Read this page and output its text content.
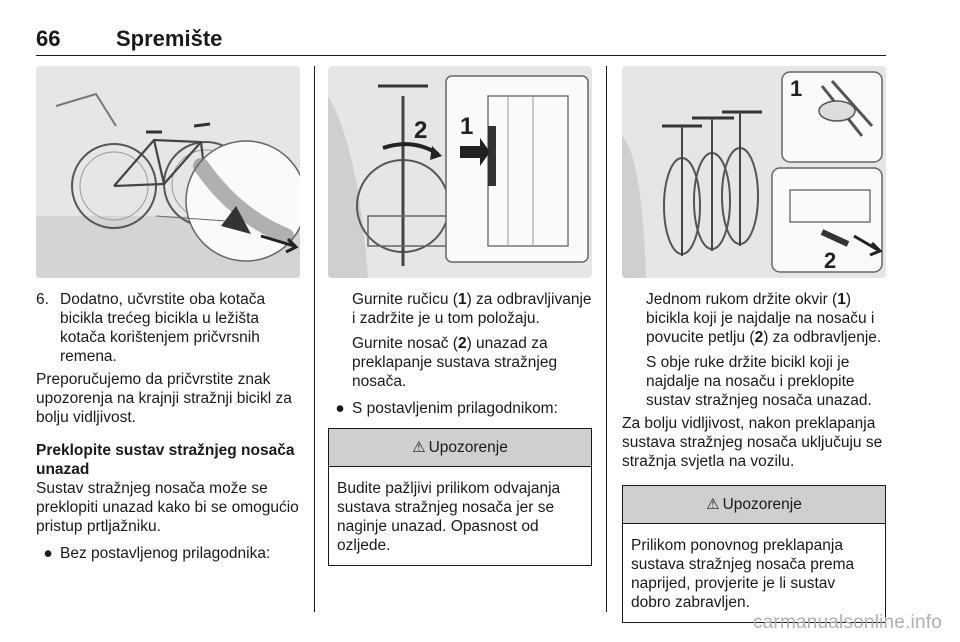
66	Spremište
6. Dodatno, učvrstite oba kotača bicikla trećeg bicikla u ležišta kotača korištenjem pričvrsnih remena.

Preporučujemo da pričvrstite znak upozorenja na krajnji stražnji bicikl za bolju vidljivost.

Preklopite sustav stražnjeg nosača unazad

Sustav stražnjeg nosača može se preklopiti unazad kako bi se omogućio pristup prtljažniku.

● Bez postavljenog prilagodnika:
2 1
Gurnite ručicu (1) za odbravljivanje i zadržite je u tom položaju.
Gurnite nosač (2) unazad za preklapanje sustava stražnjeg nosača.
● S postavljenim prilagodnikom:
⚠ Upozorenje
Budite pažljivi prilikom odvajanja sustava stražnjeg nosača jer se naginje unazad. Opasnost od ozljede.
1
2
Jednom rukom držite okvir (1) bicikla koji je najdalje na nosaču i povucite petlju (2) za odbravljenje.
S obje ruke držite bicikl koji je najdalje na nosaču i preklopite sustav stražnjeg nosača unazad.

Za bolju vidljivost, nakon preklapanja sustava stražnjeg nosača uključuju se stražnja svjetla na vozilu.

⚠ Upozorenje
Prilikom ponovnog preklapanja sustava stražnjeg nosača prema naprijed, provjerite je li sustav dobro zabravljen.
carmanualsonline.info
